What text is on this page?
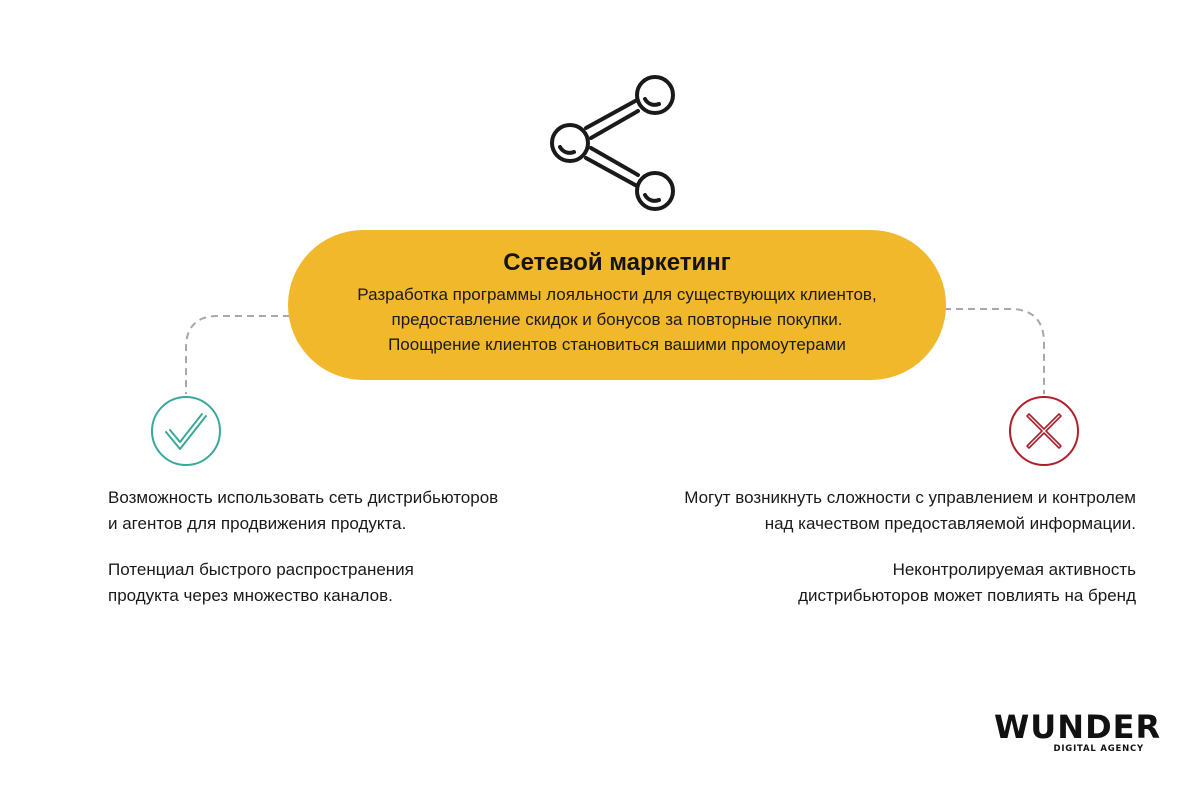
Сетевой маркетинг

Разработка программы лояльности для существующих клиентов,

предоставление скидок и бонусов за повторные покупки.

Поощрение клиентов становиться вашими промоутерами

Возможность использовать сеть дистрибьюторов
и агентов для продвижения продукта.

Потенциал быстрого распространения
продукта через множество каналов.

Могут возникнуть сложности с управлением и контролем
над качеством предоставляемой информации.

Неконтролируемая активность
дистрибьюторов может повлиять на бренд

WUNDER
DIGITAL AGENCY
